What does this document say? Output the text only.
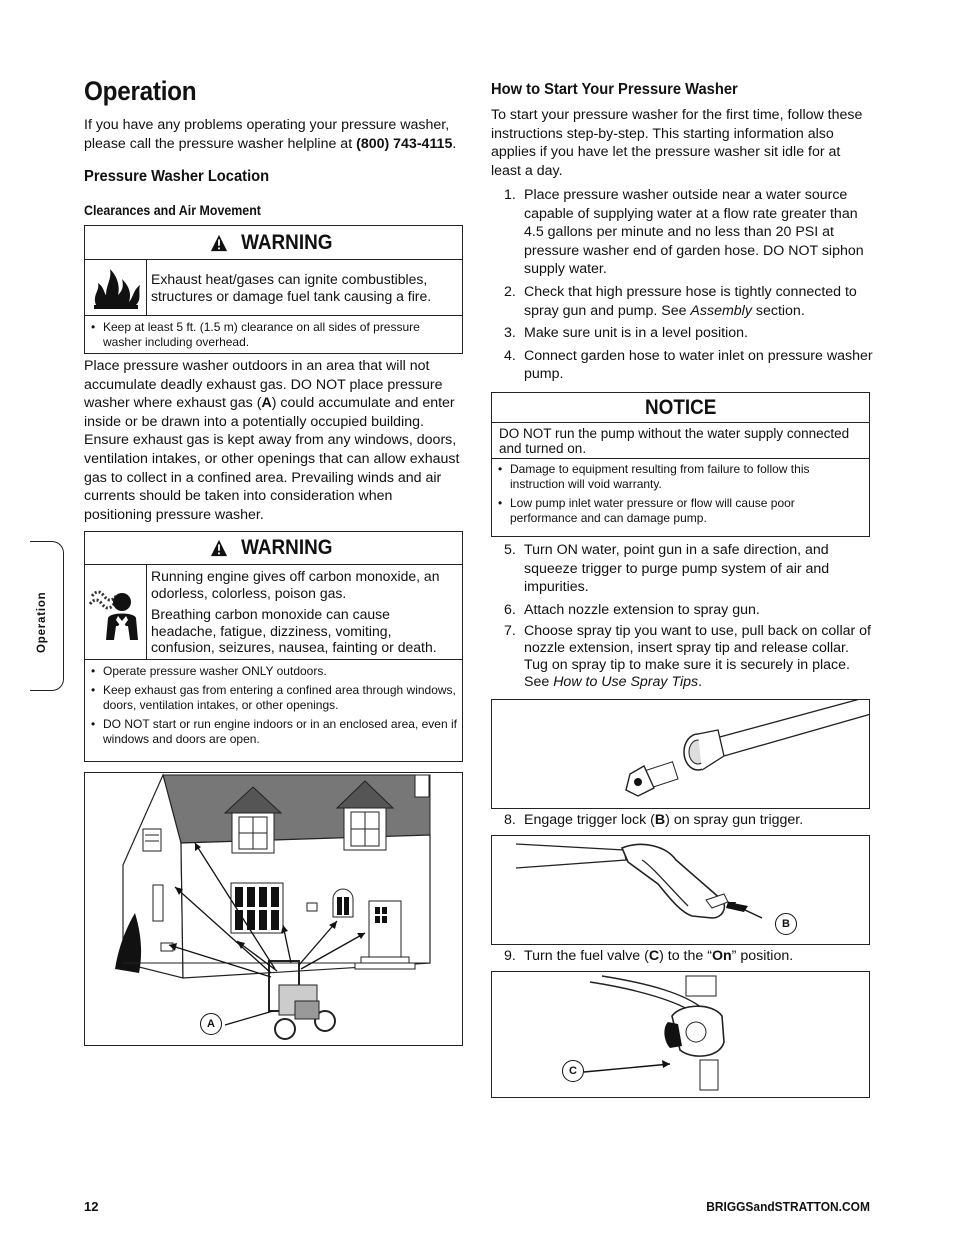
Operation
If you have any problems operating your pressure washer, please call the pressure washer helpline at (800) 743-4115.
Pressure Washer Location
Clearances and Air Movement
WARNING
Exhaust heat/gases can ignite combustibles, structures or damage fuel tank causing a fire.
• Keep at least 5 ft. (1.5 m) clearance on all sides of pressure washer including overhead.
Place pressure washer outdoors in an area that will not accumulate deadly exhaust gas. DO NOT place pressure washer where exhaust gas (A) could accumulate and enter inside or be drawn into a potentially occupied building. Ensure exhaust gas is kept away from any windows, doors, ventilation intakes, or other openings that can allow exhaust gas to collect in a confined area. Prevailing winds and air currents should be taken into consideration when positioning pressure washer.
WARNING
Running engine gives off carbon monoxide, an odorless, colorless, poison gas.
Breathing carbon monoxide can cause headache, fatigue, dizziness, vomiting, confusion, seizures, nausea, fainting or death.
• Operate pressure washer ONLY outdoors.
• Keep exhaust gas from entering a confined area through windows, doors, ventilation intakes, or other openings.
• DO NOT start or run engine indoors or in an enclosed area, even if windows and doors are open.
A
Operation
How to Start Your Pressure Washer
To start your pressure washer for the first time, follow these instructions step-by-step. This starting information also applies if you have let the pressure washer sit idle for at least a day.
1. Place pressure washer outside near a water source capable of supplying water at a flow rate greater than 4.5 gallons per minute and no less than 20 PSI at pressure washer end of garden hose. DO NOT siphon supply water.
2. Check that high pressure hose is tightly connected to spray gun and pump. See Assembly section.
3. Make sure unit is in a level position.
4. Connect garden hose to water inlet on pressure washer pump.
NOTICE
DO NOT run the pump without the water supply connected and turned on.
• Damage to equipment resulting from failure to follow this instruction will void warranty.
• Low pump inlet water pressure or flow will cause poor performance and can damage pump.
5. Turn ON water, point gun in a safe direction, and squeeze trigger to purge pump system of air and impurities.
6. Attach nozzle extension to spray gun.
7. Choose spray tip you want to use, pull back on collar of nozzle extension, insert spray tip and release collar. Tug on spray tip to make sure it is securely in place. See How to Use Spray Tips.
8. Engage trigger lock (B) on spray gun trigger.
B
9. Turn the fuel valve (C) to the “On” position.
C
12	BRIGGSandSTRATTON.COM
